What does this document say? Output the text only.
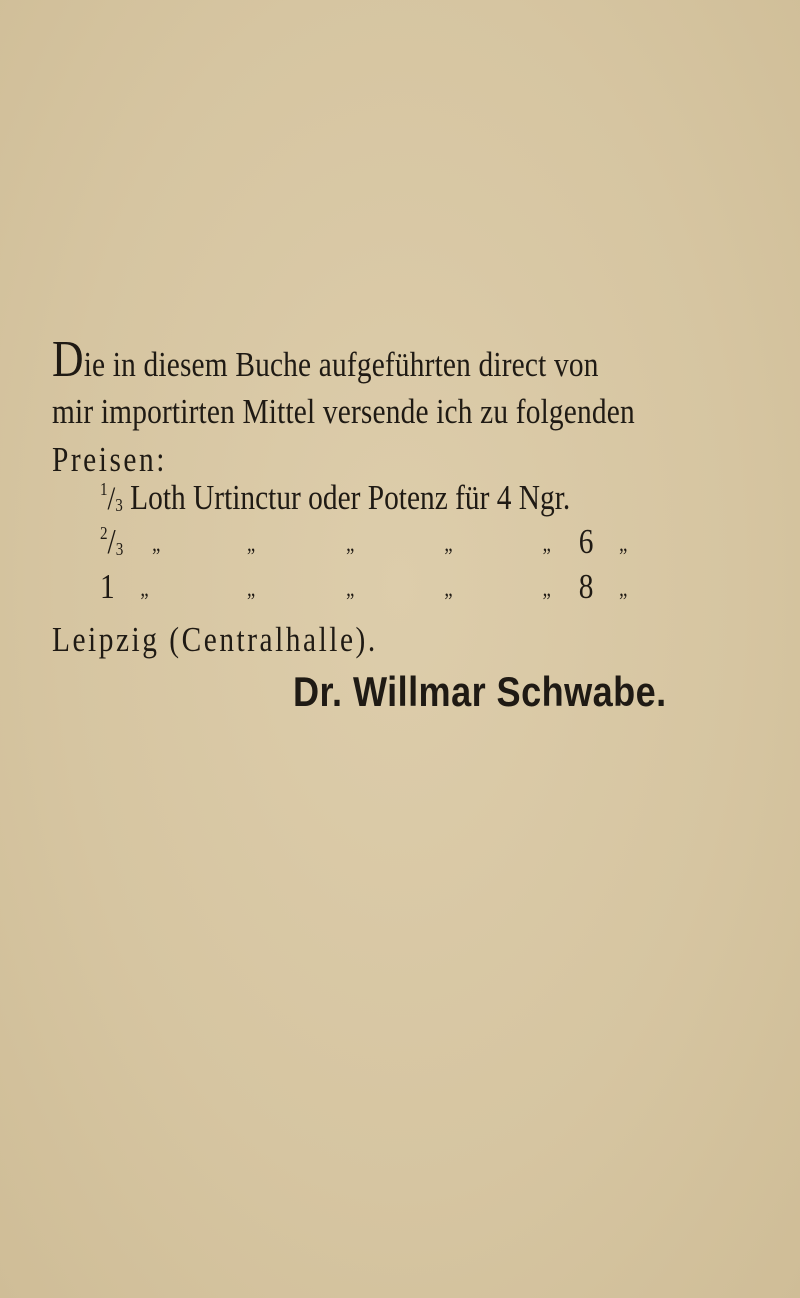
Die in diesem Buche aufgeführten direct von
mir importirten Mittel versende ich zu folgenden
Preisen:
$^1/_3$ Loth Urtinctur oder Potenz für 4 Ngr.
$^2/_3$ „	„	„	„	„ 6 „
1 „	„	„	„	„ 8 „
Leipzig (Centralhalle).
Dr. Willmar Schwabe.
